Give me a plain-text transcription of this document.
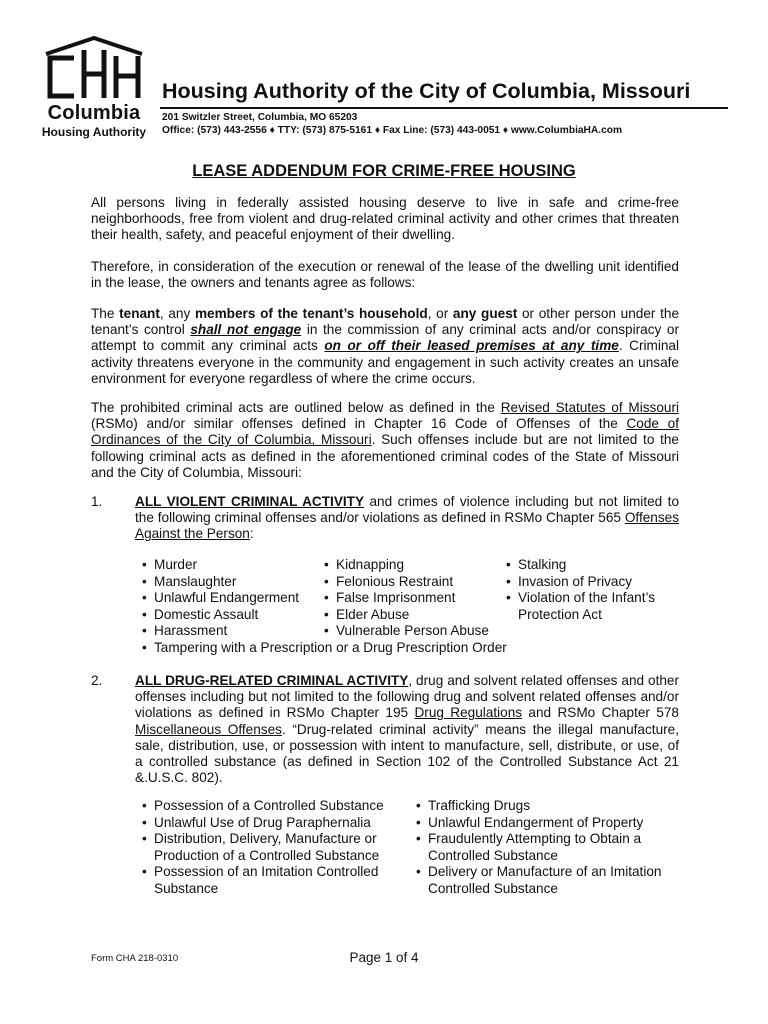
Columbia
Housing Authority
Housing Authority of the City of Columbia, Missouri
201 Switzler Street, Columbia, MO 65203
Office: (573) 443-2556 ♦ TTY: (573) 875-5161 ♦ Fax Line: (573) 443-0051 ♦ www.ColumbiaHA.com
LEASE ADDENDUM FOR CRIME-FREE HOUSING

All persons living in federally assisted housing deserve to live in safe and crime-free neighborhoods, free from violent and drug-related criminal activity and other crimes that threaten their health, safety, and peaceful enjoyment of their dwelling.

Therefore, in consideration of the execution or renewal of the lease of the dwelling unit identified in the lease, the owners and tenants agree as follows:

The tenant, any members of the tenant’s household, or any guest or other person under the tenant’s control shall not engage in the commission of any criminal acts and/or conspiracy or attempt to commit any criminal acts on or off their leased premises at any time. Criminal activity threatens everyone in the community and engagement in such activity creates an unsafe environment for everyone regardless of where the crime occurs.

The prohibited criminal acts are outlined below as defined in the Revised Statutes of Missouri (RSMo) and/or similar offenses defined in Chapter 16 Code of Offenses of the Code of Ordinances of the City of Columbia, Missouri. Such offenses include but are not limited to the following criminal acts as defined in the aforementioned criminal codes of the State of Missouri and the City of Columbia, Missouri:

1. ALL VIOLENT CRIMINAL ACTIVITY and crimes of violence including but not limited to the following criminal offenses and/or violations as defined in RSMo Chapter 565 Offenses Against the Person:

• Murder
• Manslaughter
• Unlawful Endangerment
• Domestic Assault
• Harassment
• Tampering with a Prescription or a Drug Prescription Order
• Kidnapping
• Felonious Restraint
• False Imprisonment
• Elder Abuse
• Vulnerable Person Abuse
• Stalking
• Invasion of Privacy
• Violation of the Infant’s
Protection Act
2. ALL DRUG-RELATED CRIMINAL ACTIVITY, drug and solvent related offenses and other offenses including but not limited to the following drug and solvent related offenses and/or violations as defined in RSMo Chapter 195 Drug Regulations and RSMo Chapter 578 Miscellaneous Offenses. “Drug-related criminal activity” means the illegal manufacture, sale, distribution, use, or possession with intent to manufacture, sell, distribute, or use, of a controlled substance (as defined in Section 102 of the Controlled Substance Act 21 &.U.S.C. 802).

• Possession of a Controlled Substance
• Unlawful Use of Drug Paraphernalia
• Distribution, Delivery, Manufacture or
Production of a Controlled Substance
• Possession of an Imitation Controlled
Substance
• Trafficking Drugs
• Unlawful Endangerment of Property
• Fraudulently Attempting to Obtain a
Controlled Substance
• Delivery or Manufacture of an Imitation
Controlled Substance
Form CHA 218-0310	Page 1 of 4
